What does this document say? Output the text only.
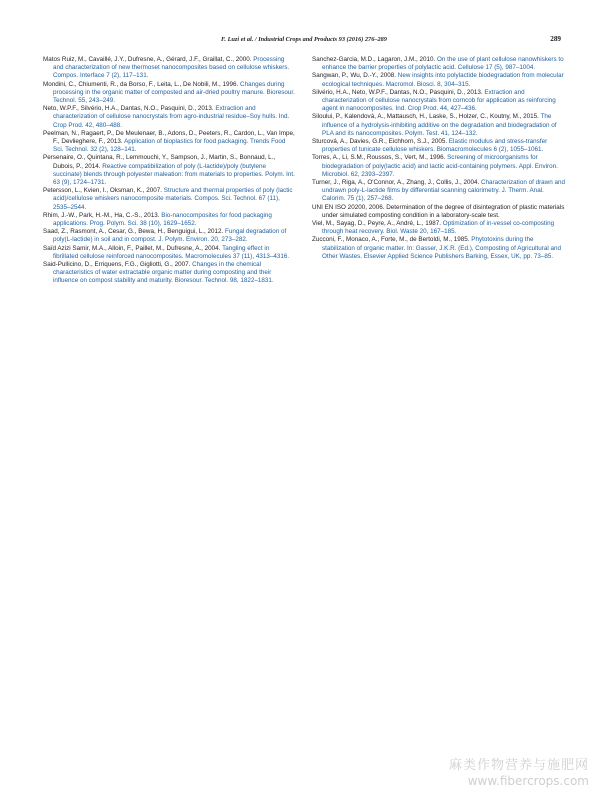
F. Luzi et al. / Industrial Crops and Products 93 (2016) 276–289	289

Matos Ruiz, M., Cavaillé, J.Y., Dufresne, A., Gérard, J.F., Graillat, C., 2000. Processing and characterization of new thermoset nanocomposites based on cellulose whiskers. Compos. Interface 7 (2), 117–131.

Mondini, C., Chiumenti, R., da Borso, F., Leita, L., De Nobili, M., 1996. Changes during processing in the organic matter of composted and air-dried poultry manure. Bioresour. Technol. 55, 243–249.

Neto, W.P.F., Silvério, H.A., Dantas, N.O., Pasquini, D., 2013. Extraction and characterization of cellulose nanocrystals from agro-industrial residue–Soy hulls. Ind. Crop Prod. 42, 480–488.

Peelman, N., Ragaert, P., De Meulenaer, B., Adons, D., Peeters, R., Cardon, L., Van Impe, F., Devlieghere, F., 2013. Application of bioplastics for food packaging. Trends Food Sci. Technol. 32 (2), 128–141.

Persenaire, O., Quintana, R., Lemmouchi, Y., Sampson, J., Martin, S., Bonnaud, L., Dubois, P., 2014. Reactive compatibilization of poly (L-lactide)/poly (butylene succinate) blends through polyester maleation: from materials to properties. Polym. Int. 63 (9), 1724–1731.

Petersson, L., Kvien, I., Oksman, K., 2007. Structure and thermal properties of poly (lactic acid)/cellulose whiskers nanocomposite materials. Compos. Sci. Technol. 67 (11), 2535–2544.

Rhim, J.-W., Park, H.-M., Ha, C.-S., 2013. Bio-nanocomposites for food packaging applications. Prog. Polym. Sci. 38 (10), 1629–1652.

Saad, Z., Rasmont, A., Cesar, G., Bewa, H., Benguigui, L., 2012. Fungal degradation of poly(L-lactide) in soil and in compost. J. Polym. Environ. 20, 273–282.

Saïd Azizi Samir, M.A., Alloin, F., Paillet, M., Dufresne, A., 2004. Tangling effect in fibrillated cellulose reinforced nanocomposites. Macromolecules 37 (11), 4313–4316.

Said-Pullicino, D., Erriquens, F.G., Gigliotti, G., 2007. Changes in the chemical characteristics of water extractable organic matter during composting and their influence on compost stability and maturity. Bioresour. Technol. 98, 1822–1831.

Sanchez-Garcia, M.D., Lagaron, J.M., 2010. On the use of plant cellulose nanowhiskers to enhance the barrier properties of polylactic acid. Cellulose 17 (5), 987–1004.

Sangwan, P., Wu, D.-Y., 2008. New insights into polylactide biodegradation from molecular ecological techniques. Macromol. Biosci. 8, 304–315.

Silvério, H.A., Neto, W.P.F., Dantas, N.O., Pasquini, D., 2013. Extraction and characterization of cellulose nanocrystals from corncob for application as reinforcing agent in nanocomposites. Ind. Crop Prod. 44, 427–436.

Siloului, P., Kalendová, A., Mattausch, H., Laske, S., Holzer, C., Koutny, M., 2015. The influence of a hydrolysis-inhibiting additive on the degradation and biodegradation of PLA and its nanocomposites. Polym. Test. 41, 124–132.

Sturcová, A., Davies, G.R., Eichhorn, S.J., 2005. Elastic modulus and stress-transfer properties of tunicate cellulose whiskers. Biomacromolecules 6 (2), 1055–1061.

Torres, A., Li, S.M., Roussos, S., Vert, M., 1996. Screening of microorganisms for biodegradation of poly(lactic acid) and lactic acid-containing polymers. Appl. Environ. Microbiol. 62, 2393–2397.

Turner, J., Riga, A., O'Connor, A., Zhang, J., Collis, J., 2004. Characterization of drawn and undrawn poly-L-lactide films by differential scanning calorimetry. J. Therm. Anal. Calorim. 75 (1), 257–268.

UNI EN ISO 20200, 2006. Determination of the degree of disintegration of plastic materials under simulated composting condition in a laboratory-scale test.

Viel, M., Sayag, D., Peyre, A., André, L., 1987. Optimization of in-vessel co-composting through heat recovery. Biol. Waste 20, 167–185.

Zucconi, F., Monaco, A., Forte, M., de Bertoldi, M., 1985. Phytotoxins during the stabilization of organic matter. In: Gasser, J.K.R. (Ed.), Composting of Agricultural and Other Wastes. Elsevier Applied Science Publishers Barking, Essex, UK, pp. 73–85.

麻类作物营养与施肥网
www.fibercrops.com
